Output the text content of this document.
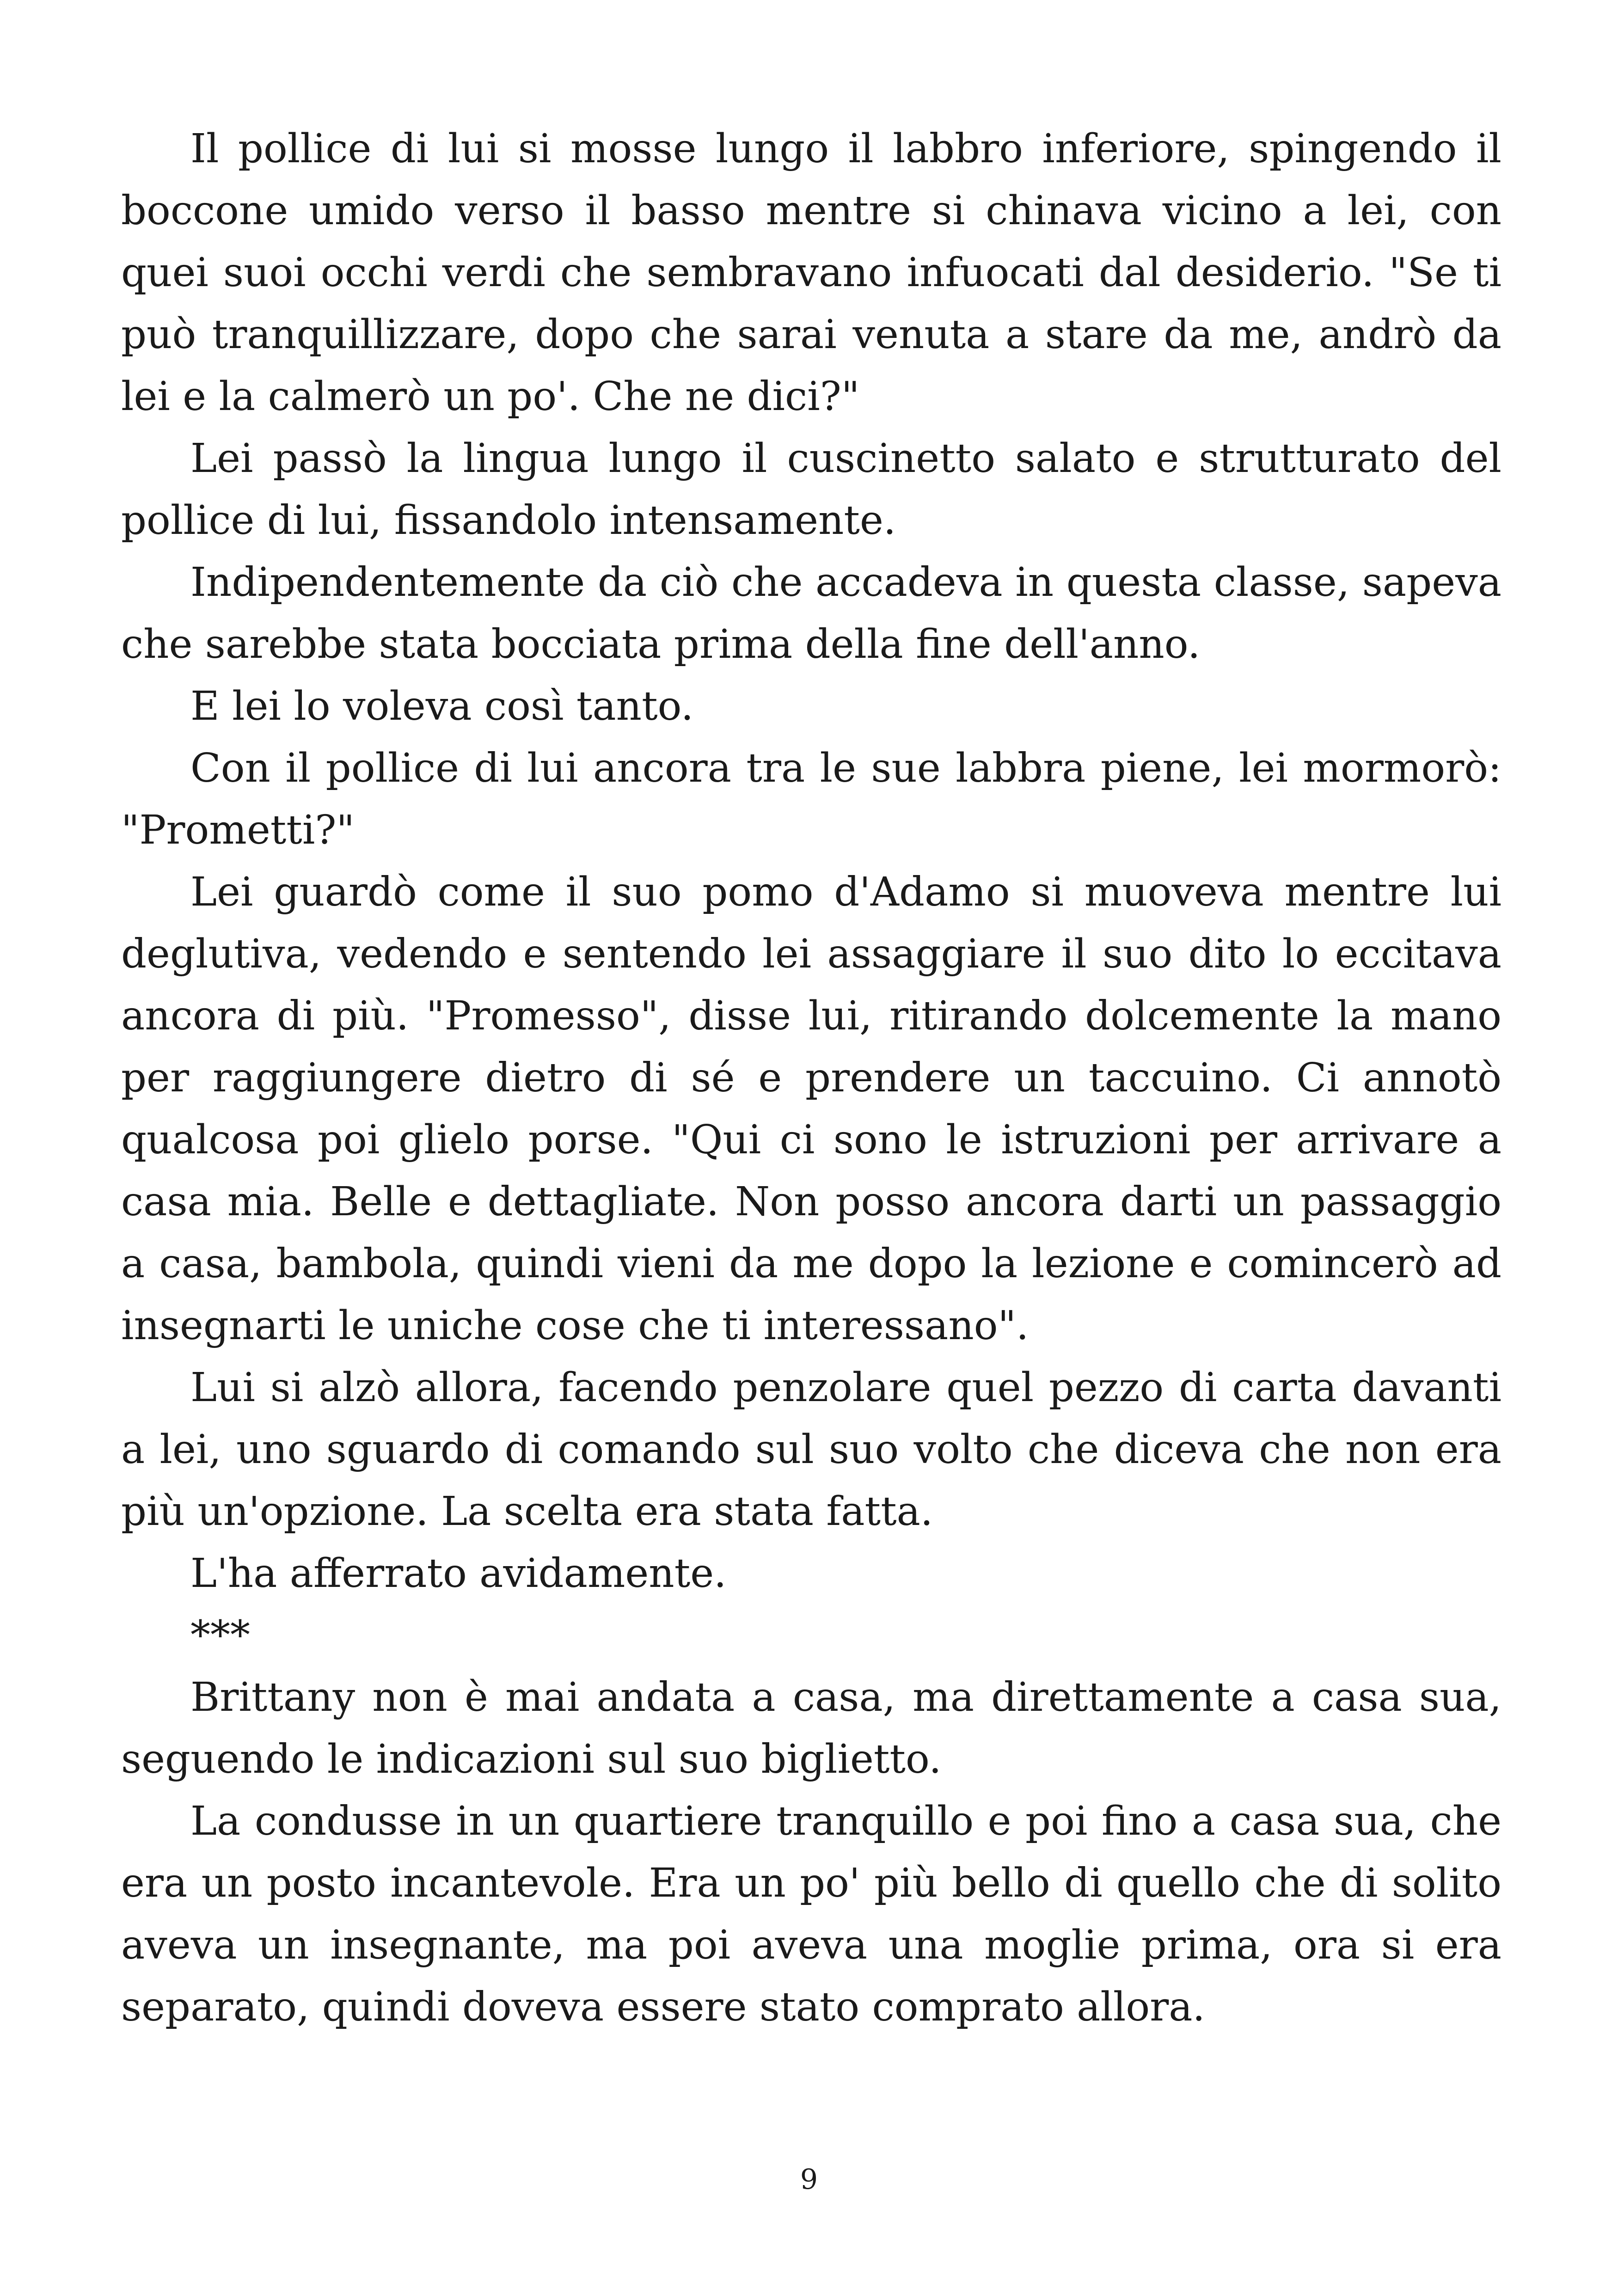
Il pollice di lui si mosse lungo il labbro inferiore, spingendo il boccone umido verso il basso mentre si chinava vicino a lei, con quei suoi occhi verdi che sembravano infuocati dal desiderio. "Se ti può tranquillizzare, dopo che sarai venuta a stare da me, andrò da lei e la calmerò un po'. Che ne dici?"

Lei passò la lingua lungo il cuscinetto salato e strutturato del pollice di lui, fissandolo intensamente.

Indipendentemente da ciò che accadeva in questa classe, sapeva che sarebbe stata bocciata prima della fine dell'anno.

E lei lo voleva così tanto.

Con il pollice di lui ancora tra le sue labbra piene, lei mormorò: "Prometti?"

Lei guardò come il suo pomo d'Adamo si muoveva mentre lui deglutiva, vedendo e sentendo lei assaggiare il suo dito lo eccitava ancora di più. "Promesso", disse lui, ritirando dolcemente la mano per raggiungere dietro di sé e prendere un taccuino. Ci annotò qualcosa poi glielo porse. "Qui ci sono le istruzioni per arrivare a casa mia. Belle e dettagliate. Non posso ancora darti un passaggio a casa, bambola, quindi vieni da me dopo la lezione e comincerò ad insegnarti le uniche cose che ti interessano".

Lui si alzò allora, facendo penzolare quel pezzo di carta davanti a lei, uno sguardo di comando sul suo volto che diceva che non era più un'opzione. La scelta era stata fatta.

L'ha afferrato avidamente.

***

Brittany non è mai andata a casa, ma direttamente a casa sua, seguendo le indicazioni sul suo biglietto.

La condusse in un quartiere tranquillo e poi fino a casa sua, che era un posto incantevole. Era un po' più bello di quello che di solito aveva un insegnante, ma poi aveva una moglie prima, ora si era separato, quindi doveva essere stato comprato allora.

9
